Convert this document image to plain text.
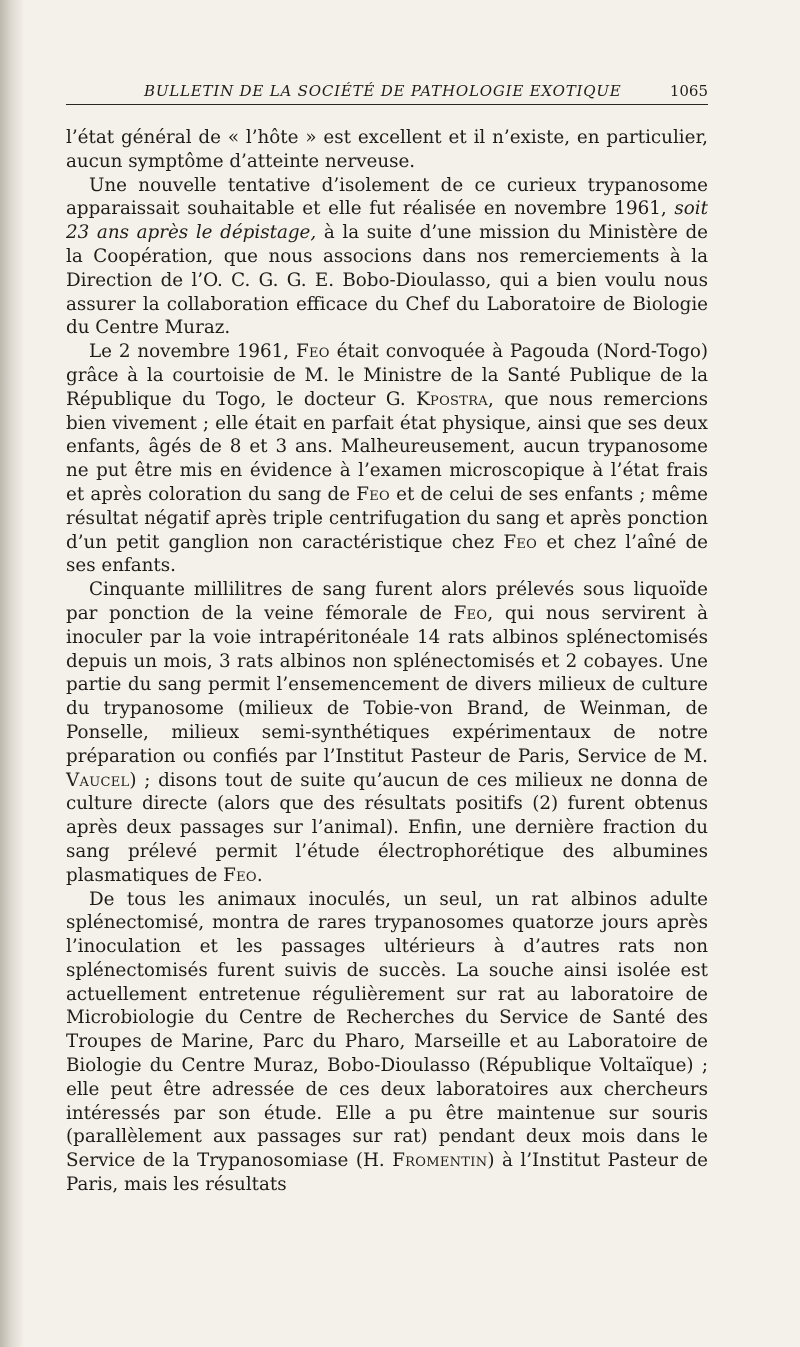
BULLETIN DE LA SOCIÉTÉ DE PATHOLOGIE EXOTIQUE	1065

l’état général de « l’hôte » est excellent et il n’existe, en particulier, aucun symptôme d’atteinte nerveuse.

Une nouvelle tentative d’isolement de ce curieux trypanosome apparaissait souhaitable et elle fut réalisée en novembre 1961, soit 23 ans après le dépistage, à la suite d’une mission du Ministère de la Coopération, que nous associons dans nos remerciements à la Direction de l’O. C. G. G. E. Bobo-Dioulasso, qui a bien voulu nous assurer la collaboration efficace du Chef du Laboratoire de Biologie du Centre Muraz.

Le 2 novembre 1961, Feo était convoquée à Pagouda (Nord-Togo) grâce à la courtoisie de M. le Ministre de la Santé Publique de la République du Togo, le docteur G. Kpostra, que nous remercions bien vivement ; elle était en parfait état physique, ainsi que ses deux enfants, âgés de 8 et 3 ans. Malheureusement, aucun trypanosome ne put être mis en évidence à l’examen microscopique à l’état frais et après coloration du sang de Feo et de celui de ses enfants ; même résultat négatif après triple centrifugation du sang et après ponction d’un petit ganglion non caractéristique chez Feo et chez l’aîné de ses enfants.

Cinquante millilitres de sang furent alors prélevés sous liquoïde par ponction de la veine fémorale de Feo, qui nous servirent à inoculer par la voie intrapéritonéale 14 rats albinos splénectomisés depuis un mois, 3 rats albinos non splénectomisés et 2 cobayes. Une partie du sang permit l’ensemencement de divers milieux de culture du trypanosome (milieux de Tobie-von Brand, de Weinman, de Ponselle, milieux semi-synthétiques expérimentaux de notre préparation ou confiés par l’Institut Pasteur de Paris, Service de M. Vaucel) ; disons tout de suite qu’aucun de ces milieux ne donna de culture directe (alors que des résultats positifs (2) furent obtenus après deux passages sur l’animal). Enfin, une dernière fraction du sang prélevé permit l’étude électrophorétique des albumines plasmatiques de Feo.

De tous les animaux inoculés, un seul, un rat albinos adulte splénectomisé, montra de rares trypanosomes quatorze jours après l’inoculation et les passages ultérieurs à d’autres rats non splénectomisés furent suivis de succès. La souche ainsi isolée est actuellement entretenue régulièrement sur rat au laboratoire de Microbiologie du Centre de Recherches du Service de Santé des Troupes de Marine, Parc du Pharo, Marseille et au Laboratoire de Biologie du Centre Muraz, Bobo-Dioulasso (République Voltaïque) ; elle peut être adressée de ces deux laboratoires aux chercheurs intéressés par son étude. Elle a pu être maintenue sur souris (parallèlement aux passages sur rat) pendant deux mois dans le Service de la Trypanosomiase (H. Fromentin) à l’Institut Pasteur de Paris, mais les résultats
